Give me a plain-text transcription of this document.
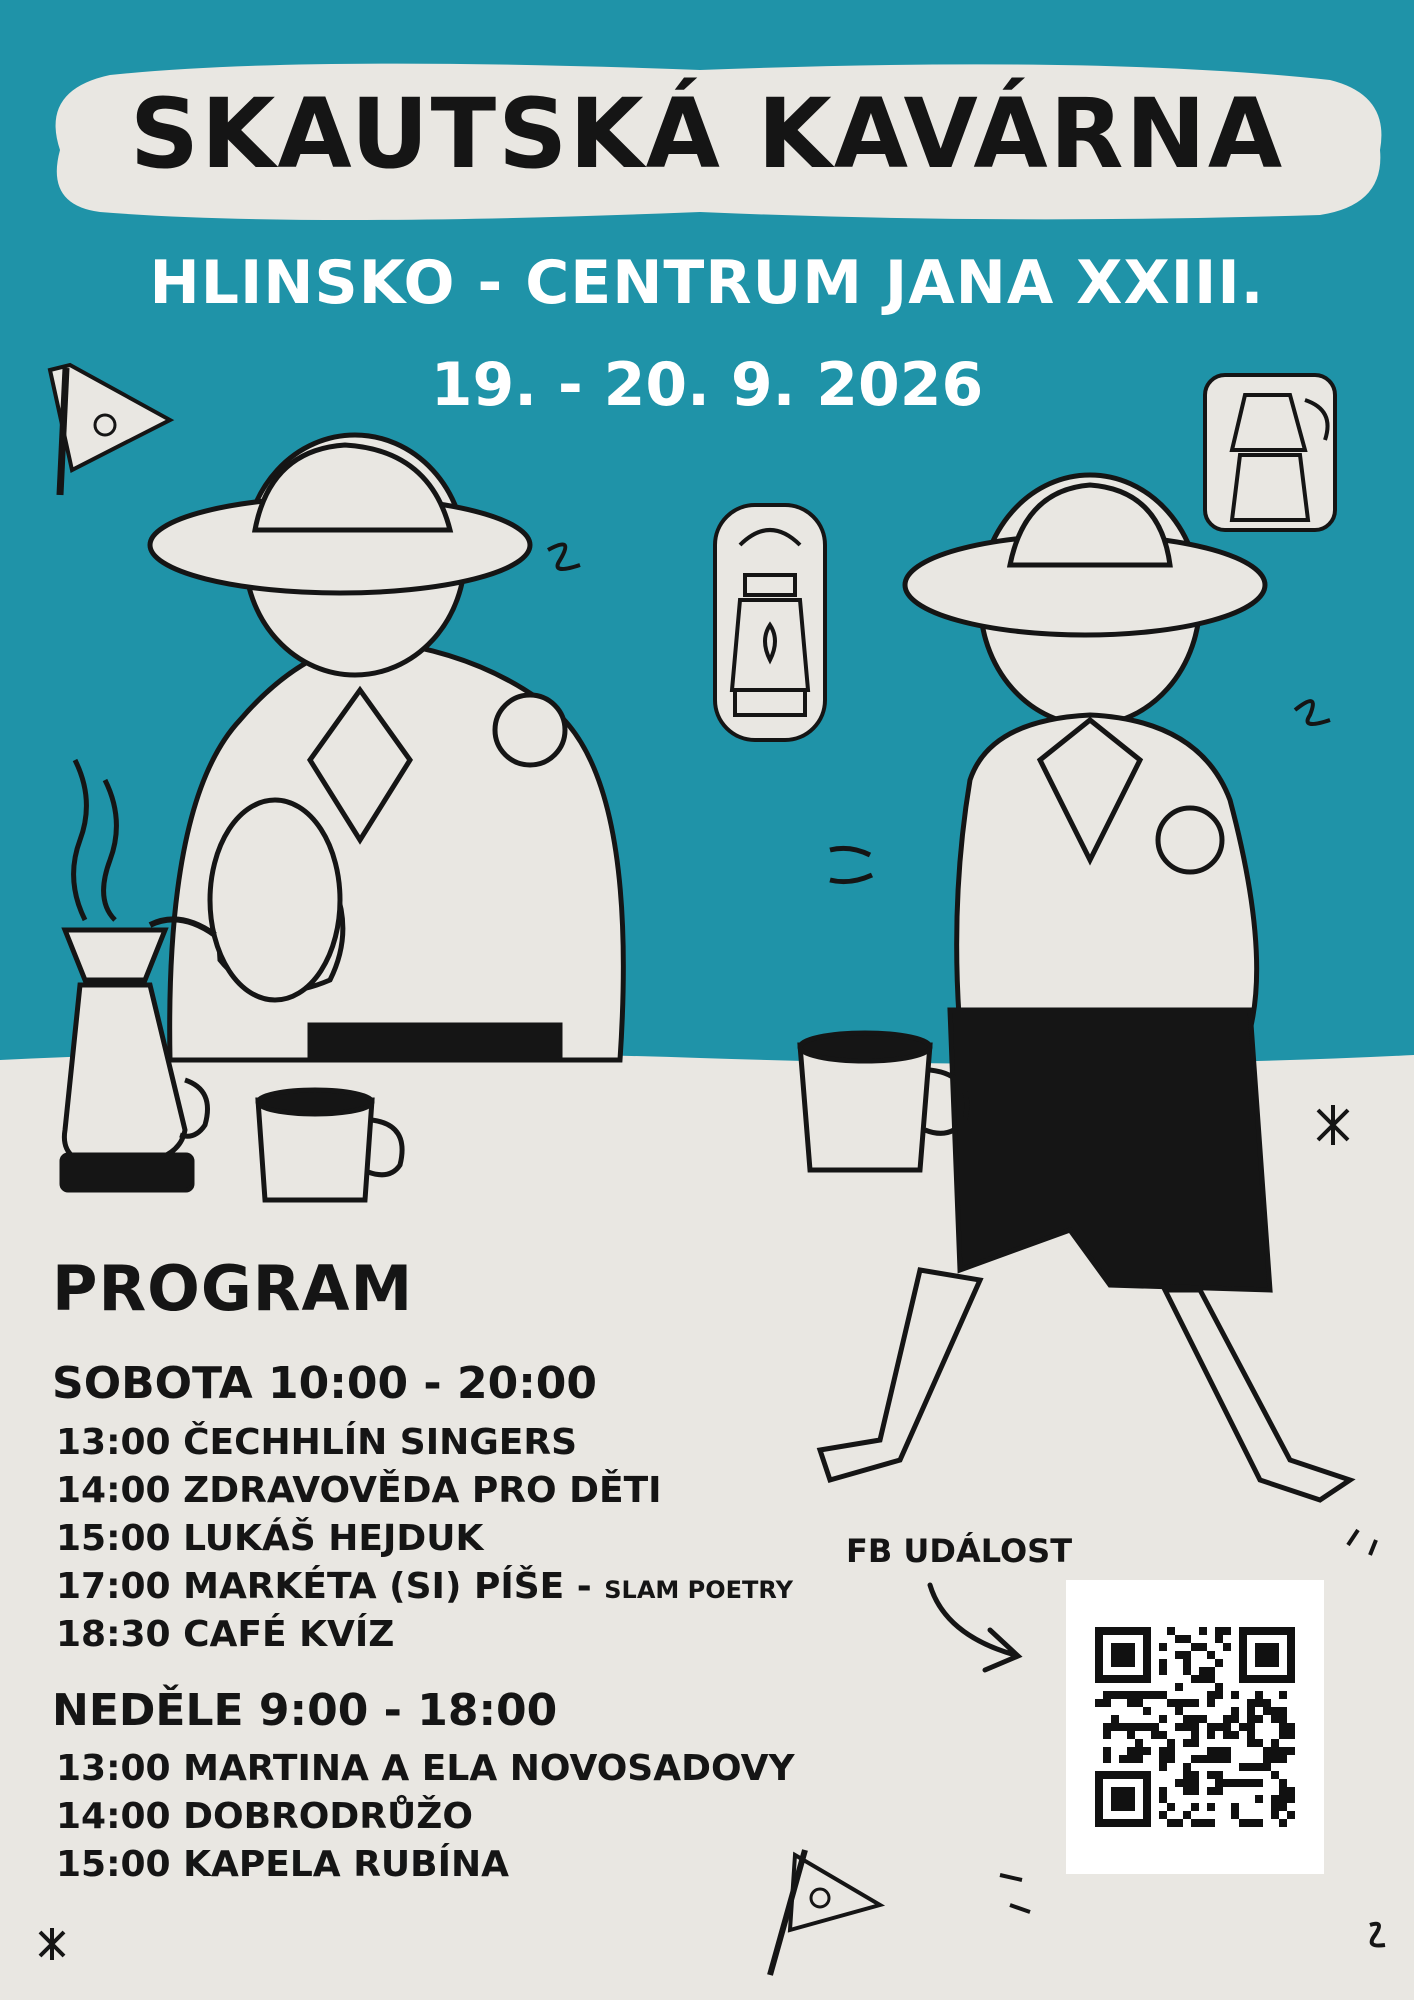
SKAUTSKÁ KAVÁRNA
HLINSKO - CENTRUM JANA XXIII.
19. - 20. 9. 2026
PROGRAM
SOBOTA 10:00 - 20:00
13:00 ČECHHLÍN SINGERS
14:00 ZDRAVOVĚDA PRO DĚTI
15:00 LUKÁŠ HEJDUK
17:00 MARKÉTA (SI) PÍŠE - SLAM POETRY
18:30 CAFÉ KVÍZ
NEDĚLE 9:00 - 18:00
13:00 MARTINA A ELA NOVOSADOVY
14:00 DOBRODRŮŽO
15:00 KAPELA RUBÍNA
FB UDÁLOST
